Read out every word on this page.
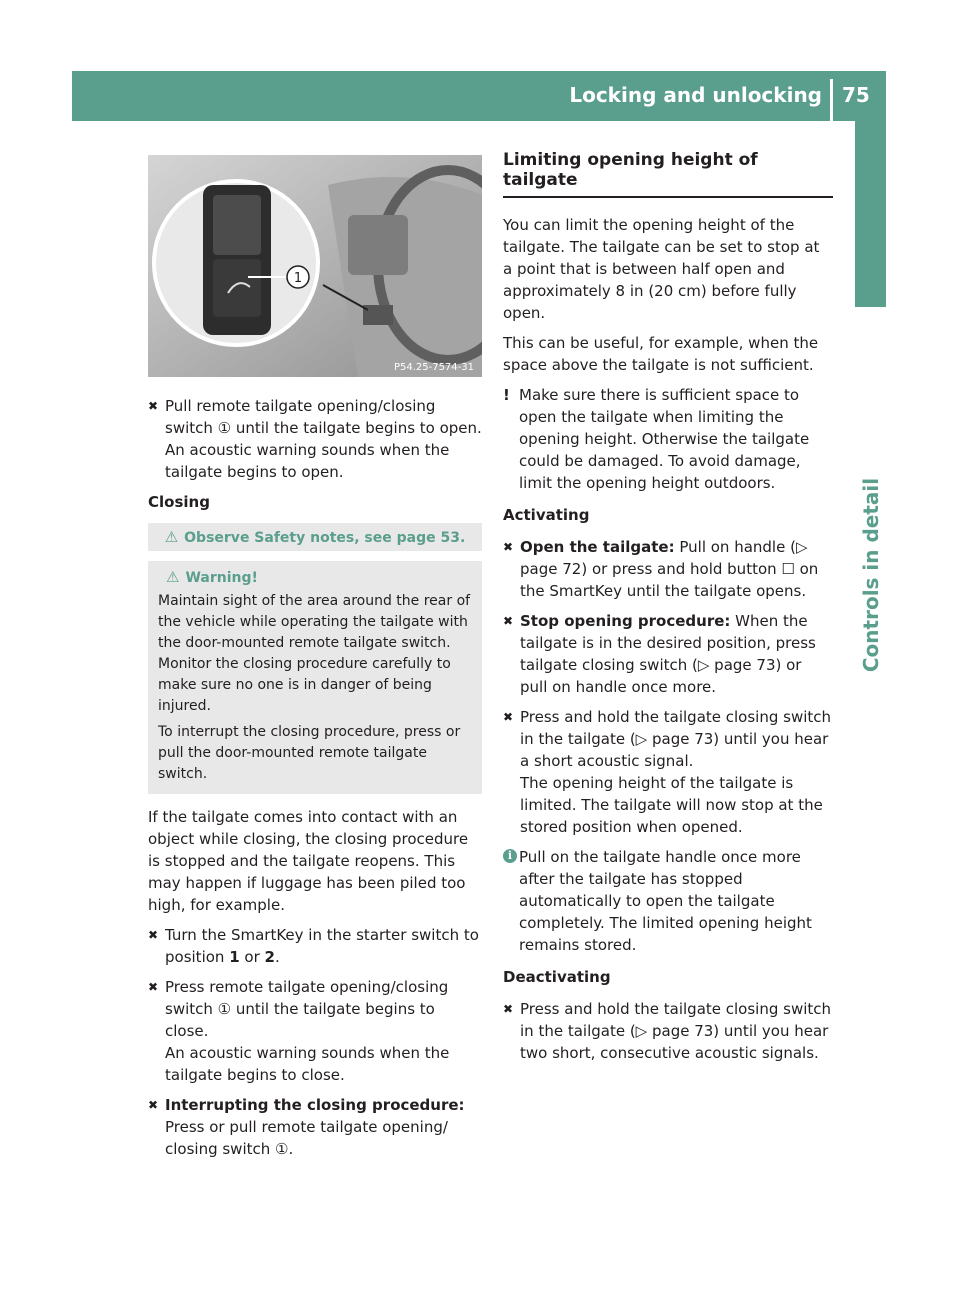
Locking and unlocking 75
Controls in detail
1
P54.25-7574-31
✖ Pull remote tailgate opening/closing switch ① until the tailgate begins to open.
An acoustic warning sounds when the tailgate begins to open.
Closing
⚠ Observe Safety notes, see page 53.
⚠ Warning!

Maintain sight of the area around the rear of the vehicle while operating the tailgate with the door-mounted remote tailgate switch. Monitor the closing procedure carefully to make sure no one is in danger of being injured.

To interrupt the closing procedure, press or pull the door-mounted remote tailgate switch.

If the tailgate comes into contact with an object while closing, the closing procedure is stopped and the tailgate reopens. This may happen if luggage has been piled too high, for example.

✖ Turn the SmartKey in the starter switch to position 1 or 2.
✖ Press remote tailgate opening/closing switch ① until the tailgate begins to close.
An acoustic warning sounds when the tailgate begins to close.
✖ Interrupting the closing procedure:
Press or pull remote tailgate opening/ closing switch ①.
Limiting opening height of tailgate

You can limit the opening height of the tailgate. The tailgate can be set to stop at a point that is between half open and approximately 8 in (20 cm) before fully open.

This can be useful, for example, when the space above the tailgate is not sufficient.

! Make sure there is sufficient space to open the tailgate when limiting the opening height. Otherwise the tailgate could be damaged. To avoid damage, limit the opening height outdoors.
Activating
✖ Open the tailgate: Pull on handle (▷ page 72) or press and hold button ☐ on the SmartKey until the tailgate opens.
✖ Stop opening procedure: When the tailgate is in the desired position, press tailgate closing switch (▷ page 73) or pull on handle once more.
✖ Press and hold the tailgate closing switch in the tailgate (▷ page 73) until you hear a short acoustic signal.
The opening height of the tailgate is limited. The tailgate will now stop at the stored position when opened.
i Pull on the tailgate handle once more after the tailgate has stopped automatically to open the tailgate completely. The limited opening height remains stored.
Deactivating
✖ Press and hold the tailgate closing switch in the tailgate (▷ page 73) until you hear two short, consecutive acoustic signals.
